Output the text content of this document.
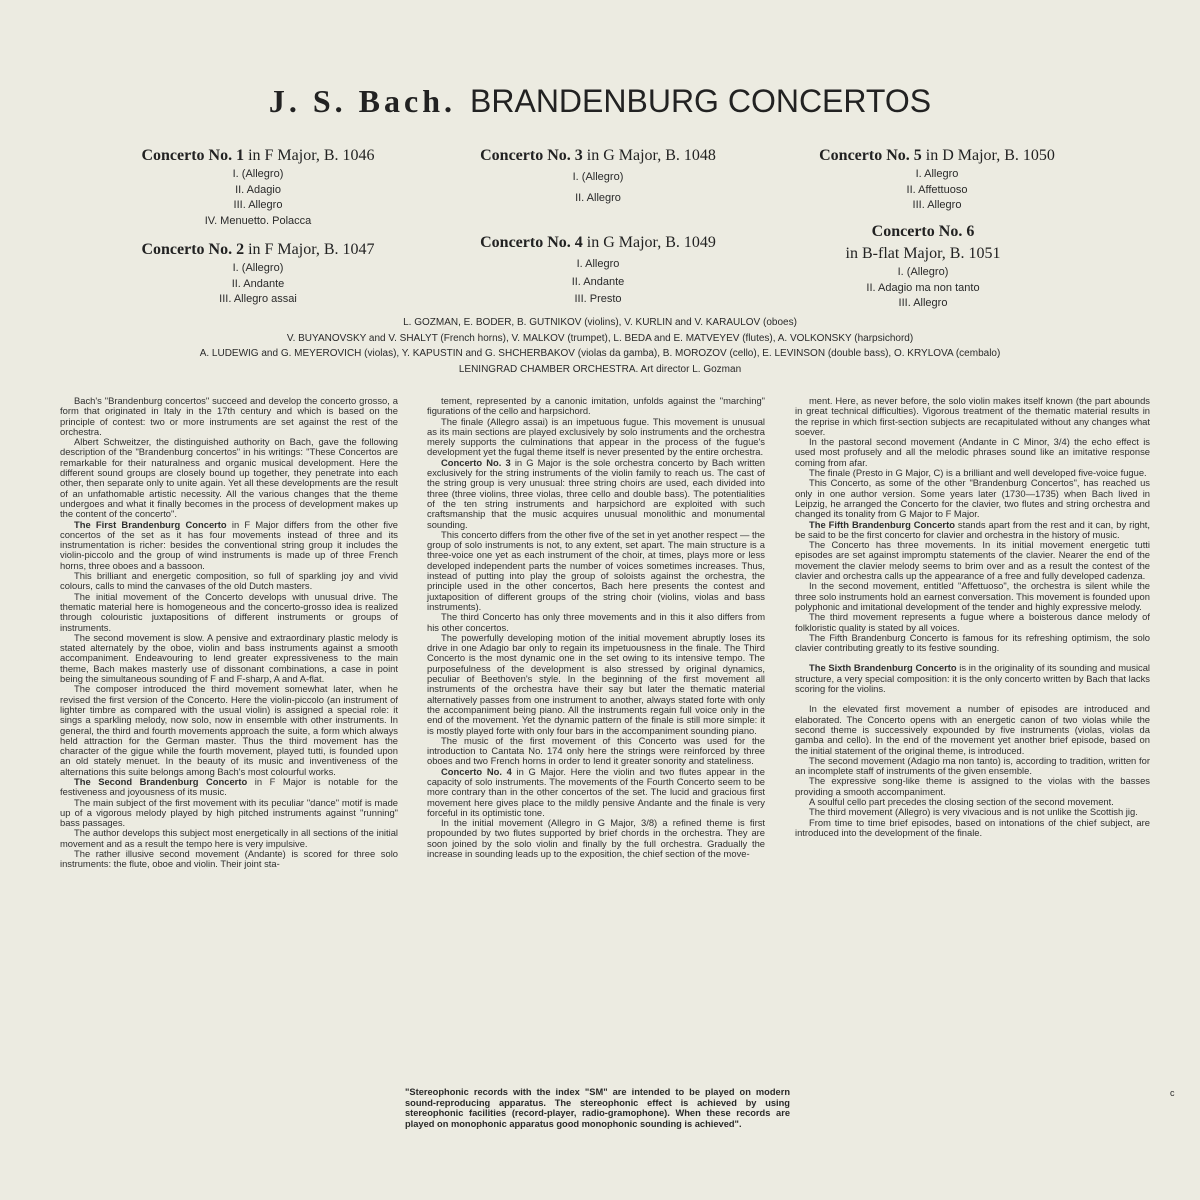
J. S. Bach. BRANDENBURG CONCERTOS
Concerto No. 1 in F Major, B. 1046
I. (Allegro)
II. Adagio
III. Allegro
IV. Menuetto. Polacca
Concerto No. 2 in F Major, B. 1047
I. (Allegro)
II. Andante
III. Allegro assai
Concerto No. 3 in G Major, B. 1048
I. (Allegro)
II. Allegro
Concerto No. 4 in G Major, B. 1049
I. Allegro
II. Andante
III. Presto
Concerto No. 5 in D Major, B. 1050
I. Allegro
II. Affettuoso
III. Allegro
Concerto No. 6
in B-flat Major, B. 1051
I. (Allegro)
II. Adagio ma non tanto
III. Allegro
L. GOZMAN, E. BODER, B. GUTNIKOV (violins), V. KURLIN and V. KARAULOV (oboes)
V. BUYANOVSKY and V. SHALYT (French horns), V. MALKOV (trumpet), L. BEDA and E. MATVEYEV (flutes), A. VOLKONSKY (harpsichord)
A. LUDEWIG and G. MEYEROVICH (violas), Y. KAPUSTIN and G. SHCHERBAKOV (violas da gamba), B. MOROZOV (cello), E. LEVINSON (double bass), O. KRYLOVA (cembalo)
LENINGRAD CHAMBER ORCHESTRA. Art director L. Gozman

Bach's "Brandenburg concertos" succeed and develop the concerto grosso, a form that originated in Italy in the 17th century and which is based on the principle of contest: two or more instruments are set against the rest of the orchestra.

Albert Schweitzer, the distinguished authority on Bach, gave the following description of the "Brandenburg concertos" in his writings: "These Concertos are remarkable for their naturalness and organic musical development. Here the different sound groups are closely bound up together, they penetrate into each other, then separate only to unite again. Yet all these developments are the result of an unfathomable artistic necessity. All the various changes that the theme undergoes and what it finally becomes in the process of development makes up the content of the concerto".

The First Brandenburg Concerto in F Major differs from the other five concertos of the set as it has four movements instead of three and its instrumentation is richer: besides the conventional string group it includes the violin-piccolo and the group of wind instruments is made up of three French horns, three oboes and a bassoon.

This brilliant and energetic composition, so full of sparkling joy and vivid colours, calls to mind the canvases of the old Dutch masters.

The initial movement of the Concerto develops with unusual drive. The thematic material here is homogeneous and the concerto-grosso idea is realized through colouristic juxtapositions of different instruments or groups of instruments.

The second movement is slow. A pensive and extraordinary plastic melody is stated alternately by the oboe, violin and bass instruments against a smooth accompaniment. Endeavouring to lend greater expressiveness to the main theme, Bach makes masterly use of dissonant combinations, a case in point being the simultaneous sounding of F and F-sharp, A and A-flat.

The composer introduced the third movement somewhat later, when he revised the first version of the Concerto. Here the violin-piccolo (an instrument of lighter timbre as compared with the usual violin) is assigned a special role: it sings a sparkling melody, now solo, now in ensemble with other instruments. In general, the third and fourth movements approach the suite, a form which always held attraction for the German master. Thus the third movement has the character of the gigue while the fourth movement, played tutti, is founded upon an old stately menuet. In the beauty of its music and inventiveness of the alternations this suite belongs among Bach's most colourful works.

The Second Brandenburg Concerto in F Major is notable for the festiveness and joyousness of its music.

The main subject of the first movement with its peculiar "dance" motif is made up of a vigorous melody played by high pitched instruments against "running" bass passages.

The author develops this subject most energetically in all sections of the initial movement and as a result the tempo here is very impulsive.

The rather illusive second movement (Andante) is scored for three solo instruments: the flute, oboe and violin. Their joint sta-

tement, represented by a canonic imitation, unfolds against the "marching" figurations of the cello and harpsichord.

The finale (Allegro assai) is an impetuous fugue. This movement is unusual as its main sections are played exclusively by solo instruments and the orchestra merely supports the culminations that appear in the process of the fugue's development yet the fugal theme itself is never presented by the entire orchestra.

Concerto No. 3 in G Major is the sole orchestra concerto by Bach written exclusively for the string instruments of the violin family to reach us. The cast of the string group is very unusual: three string choirs are used, each divided into three (three violins, three violas, three cello and double bass). The potentialities of the ten string instruments and harpsichord are exploited with such craftsmanship that the music acquires unusual monolithic and monumental sounding.

This concerto differs from the other five of the set in yet another respect — the group of solo instruments is not, to any extent, set apart. The main structure is a three-voice one yet as each instrument of the choir, at times, plays more or less developed independent parts the number of voices sometimes increases. Thus, instead of putting into play the group of soloists against the orchestra, the principle used in the other concertos, Bach here presents the contest and juxtaposition of different groups of the string choir (violins, violas and bass instruments).

The third Concerto has only three movements and in this it also differs from his other concertos.

The powerfully developing motion of the initial movement abruptly loses its drive in one Adagio bar only to regain its impetuousness in the finale. The Third Concerto is the most dynamic one in the set owing to its intensive tempo. The purposefulness of the development is also stressed by original dynamics, peculiar of Beethoven's style. In the beginning of the first movement all instruments of the orchestra have their say but later the thematic material alternatively passes from one instrument to another, always stated forte with only the accompaniment being piano. All the instruments regain full voice only in the end of the movement. Yet the dynamic pattern of the finale is still more simple: it is mostly played forte with only four bars in the accompaniment sounding piano.

The music of the first movement of this Concerto was used for the introduction to Cantata No. 174 only here the strings were reinforced by three oboes and two French horns in order to lend it greater sonority and stateliness.

Concerto No. 4 in G Major. Here the violin and two flutes appear in the capacity of solo instruments. The movements of the Fourth Concerto seem to be more contrary than in the other concertos of the set. The lucid and gracious first movement here gives place to the mildly pensive Andante and the finale is very forceful in its optimistic tone.

In the initial movement (Allegro in G Major, 3/8) a refined theme is first propounded by two flutes supported by brief chords in the orchestra. They are soon joined by the solo violin and finally by the full orchestra. Gradually the increase in sounding leads up to the exposition, the chief section of the move-

ment. Here, as never before, the solo violin makes itself known (the part abounds in great technical difficulties). Vigorous treatment of the thematic material results in the reprise in which first-section subjects are recapitulated without any changes what soever.

In the pastoral second movement (Andante in C Minor, 3/4) the echo effect is used most profusely and all the melodic phrases sound like an imitative response coming from afar.

The finale (Presto in G Major, C) is a brilliant and well developed five-voice fugue.

This Concerto, as some of the other "Brandenburg Concertos", has reached us only in one author version. Some years later (1730—1735) when Bach lived in Leipzig, he arranged the Concerto for the clavier, two flutes and string orchestra and changed its tonality from G Major to F Major.

The Fifth Brandenburg Concerto stands apart from the rest and it can, by right, be said to be the first concerto for clavier and orchestra in the history of music.

The Concerto has three movements. In its initial movement energetic tutti episodes are set against impromptu statements of the clavier. Nearer the end of the movement the clavier melody seems to brim over and as a result the contest of the clavier and orchestra calls up the appearance of a free and fully developed cadenza.

In the second movement, entitled "Affettuoso", the orchestra is silent while the three solo instruments hold an earnest conversation. This movement is founded upon polyphonic and imitational development of the tender and highly expressive melody.

The third movement represents a fugue where a boisterous dance melody of folkloristic quality is stated by all voices.

The Fifth Brandenburg Concerto is famous for its refreshing optimism, the solo clavier contributing greatly to its festive sounding.

The Sixth Brandenburg Concerto is in the originality of its sounding and musical structure, a very special composition: it is the only concerto written by Bach that lacks scoring for the violins.

In the elevated first movement a number of episodes are introduced and elaborated. The Concerto opens with an energetic canon of two violas while the second theme is successively expounded by five instruments (violas, violas da gamba and cello). In the end of the movement yet another brief episode, based on the initial statement of the original theme, is introduced.

The second movement (Adagio ma non tanto) is, according to tradition, written for an incomplete staff of instruments of the given ensemble.

The expressive song-like theme is assigned to the violas with the basses providing a smooth accompaniment.

A soulful cello part precedes the closing section of the second movement.

The third movement (Allegro) is very vivacious and is not unlike the Scottish jig.

From time to time brief episodes, based on intonations of the chief subject, are introduced into the development of the finale.

"Stereophonic records with the index "SM" are intended to be played on modern sound-reproducing apparatus. The stereophonic effect is achieved by using stereophonic facilities (record-player, radio-gramophone). When these records are played on monophonic apparatus good monophonic sounding is achieved".
c
